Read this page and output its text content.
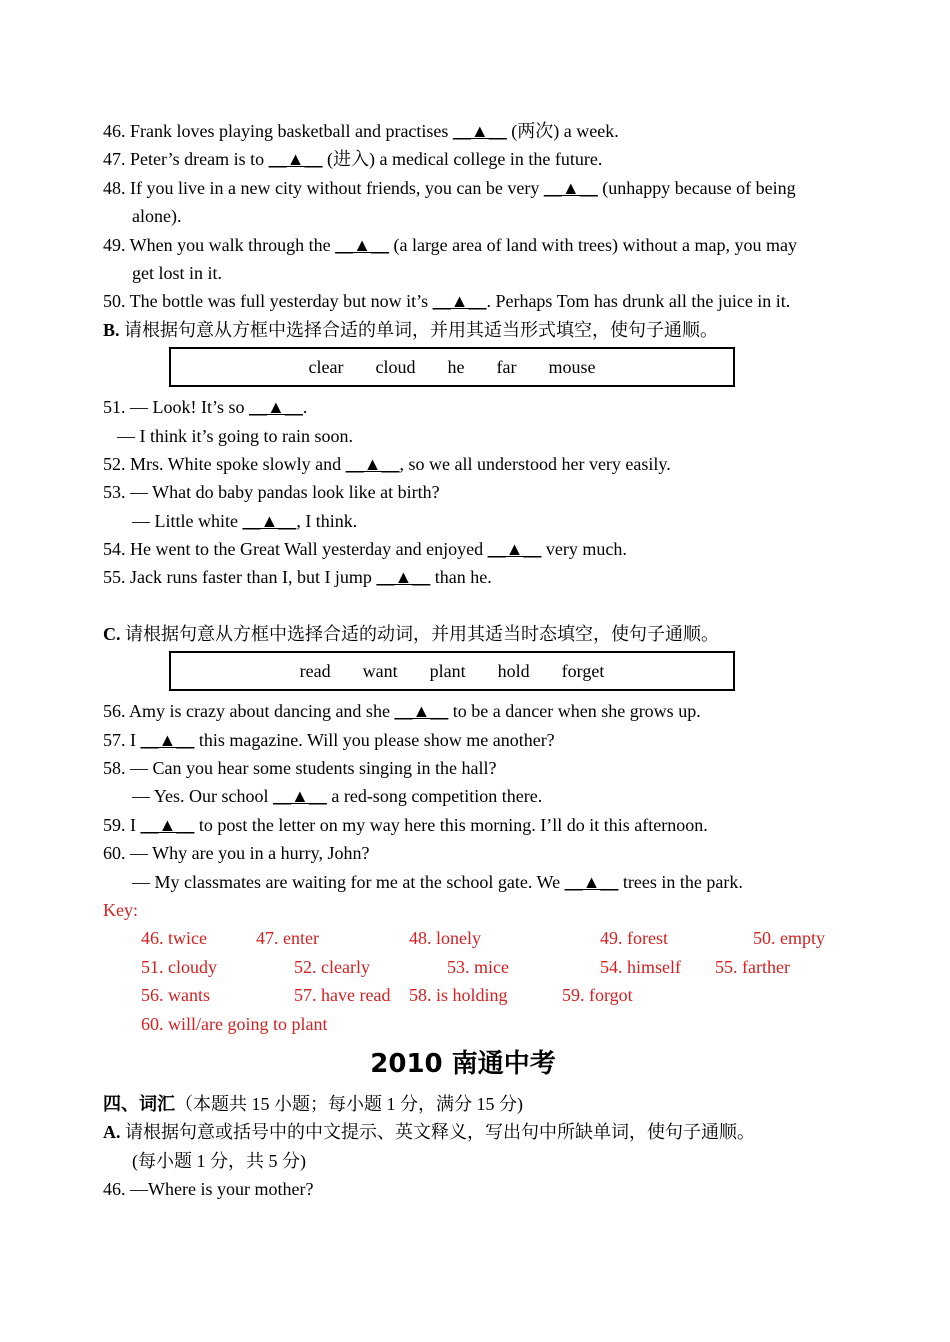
46. Frank loves playing basketball and practises __▲__ (两次) a week.
47. Peter’s dream is to __▲__ (进入) a medical college in the future.
48. If you live in a new city without friends, you can be very __▲__ (unhappy because of being
alone).
49. When you walk through the __▲__ (a large area of land with trees) without a map, you may
get lost in it.
50. The bottle was full yesterday but now it’s __▲__. Perhaps Tom has drunk all the juice in it.
B. 请根据句意从方框中选择合适的单词，并用其适当形式填空，使句子通顺。
clear cloud he far mouse
51. — Look! It’s so __▲__.
— I think it’s going to rain soon.
52. Mrs. White spoke slowly and __▲__, so we all understood her very easily.
53. — What do baby pandas look like at birth?
— Little white __▲__, I think.
54. He went to the Great Wall yesterday and enjoyed __▲__ very much.
55. Jack runs faster than I, but I jump __▲__ than he.
C. 请根据句意从方框中选择合适的动词，并用其适当时态填空，使句子通顺。
read want plant hold forget
56. Amy is crazy about dancing and she __▲__ to be a dancer when she grows up.
57. I __▲__ this magazine. Will you please show me another?
58. — Can you hear some students singing in the hall?
— Yes. Our school __▲__ a red-song competition there.
59. I __▲__ to post the letter on my way here this morning. I’ll do it this afternoon.
60. — Why are you in a hurry, John?
— My classmates are waiting for me at the school gate. We __▲__ trees in the park.
Key:
46. twice	47. enter	48. lonely	49. forest	50. empty
51. cloudy	52. clearly	53. mice	54. himself 55. farther
56. wants	57. have read 58. is holding	59. forgot
60. will/are going to plant
2010 南通中考
四、词汇（本题共 15 小题；每小题 1 分，满分 15 分)
A. 请根据句意或括号中的中文提示、英文释义，写出句中所缺单词，使句子通顺。
(每小题 1 分，共 5 分)
46. —Where is your mother?
